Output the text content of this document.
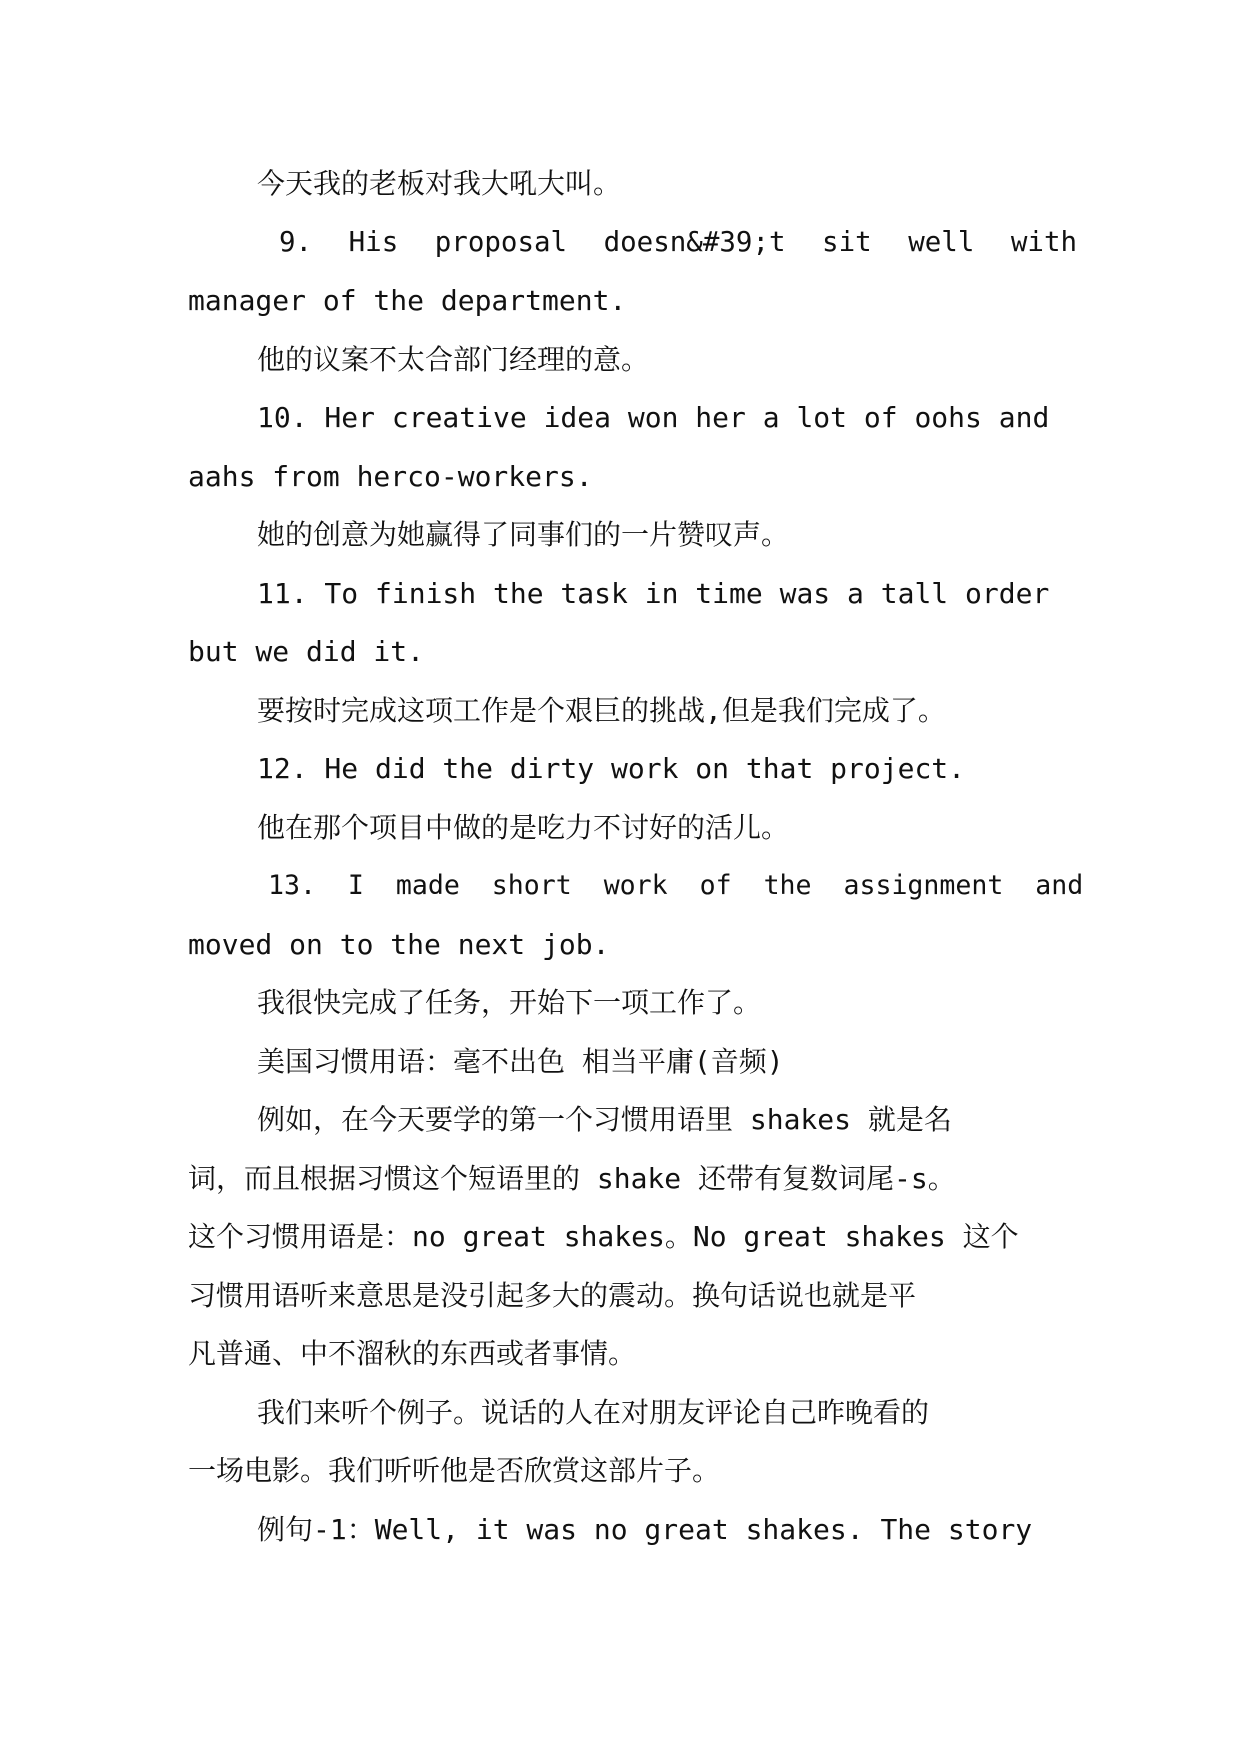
今天我的老板对我大吼大叫。
9. His proposal doesn&#39;t sit well with
manager of the department.
他的议案不太合部门经理的意。
10. Her creative idea won her a lot of oohs and
aahs from herco-workers.
她的创意为她赢得了同事们的一片赞叹声。
11. To finish the task in time was a tall order
but we did it.
要按时完成这项工作是个艰巨的挑战,但是我们完成了。
12. He did the dirty work on that project.
他在那个项目中做的是吃力不讨好的活儿。
13. I made short work of the assignment and
moved on to the next job.
我很快完成了任务，开始下一项工作了。
美国习惯用语：毫不出色 相当平庸(音频)
例如，在今天要学的第一个习惯用语里 shakes 就是名
词，而且根据习惯这个短语里的 shake 还带有复数词尾-s。
这个习惯用语是：no great shakes。No great shakes 这个
习惯用语听来意思是没引起多大的震动。换句话说也就是平
凡普通、中不溜秋的东西或者事情。
我们来听个例子。说话的人在对朋友评论自己昨晚看的
一场电影。我们听听他是否欣赏这部片子。
例句-1：Well, it was no great shakes. The story
